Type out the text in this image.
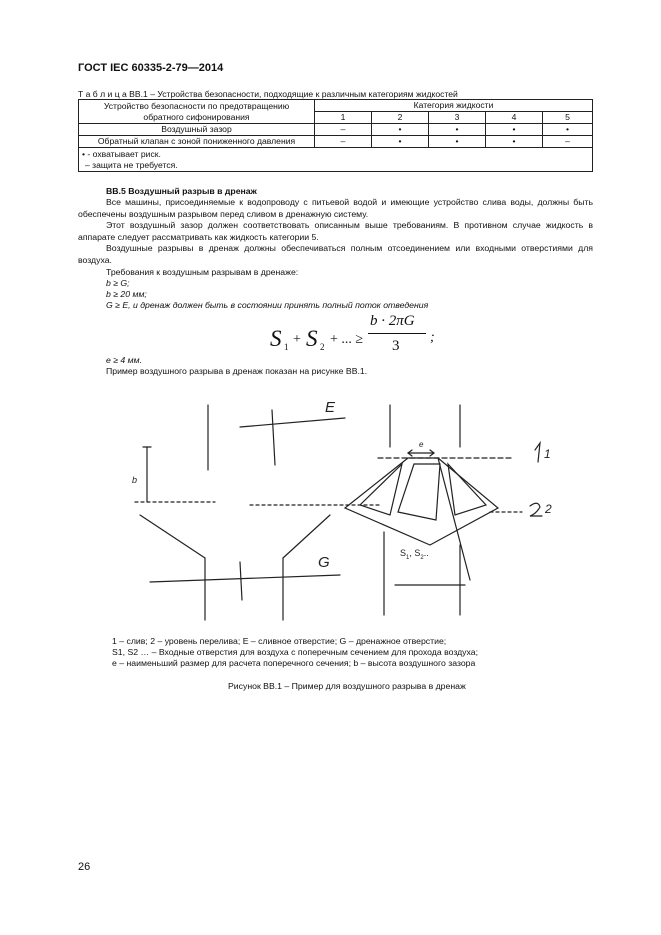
ГОСТ IEC 60335-2-79—2014
Т а б л и ц а BB.1 – Устройства безопасности, подходящие к различным категориям жидкостей
Устройство безопасности по предотвращению
обратного сифонирования	Категория жидкости				
	1	2	3	4	5
Воздушный зазор	–	•	•	•	•
Обратный клапан с зоной пониженного давления	–	•	•	•	–

• - охватывает риск.
– защита не требуется.					
BB.5 Воздушный разрыв в дренаж
Все машины, присоединяемые к водопроводу с питьевой водой и имеющие устройство слива воды, должны быть обеспечены воздушным разрывом перед сливом в дренажную систему.
Этот воздушный зазор должен соответствовать описанным выше требованиям. В противном случае жидкость в аппарате следует рассматривать как жидкость категории 5.
Воздушные разрывы в дренаж должны обеспечиваться полным отсоединением или входными отверстиями для воздуха.
Требования к воздушным разрывам в дренаже:
b ≥ G;
b ≥ 20 мм;
G ≥ E, и дренаж должен быть в состоянии принять полный поток отведения
S 1 + S 2 + ... ≥
b · 2πG
3
;
e ≥ 4 мм.
Пример воздушного разрыва в дренаж показан на рисунке BB.1.
E
G
e
b
1
2
$S_1$, $S_2$..
1 – слив; 2 – уровень перелива; E – сливное отверстие; G – дренажное отверстие;
S1, S2 … – Входные отверстия для воздуха с поперечным сечением для прохода воздуха;
e – наименьший размер для расчета поперечного сечения; b – высота воздушного зазора
Рисунок BB.1 – Пример для воздушного разрыва в дренаж
26
